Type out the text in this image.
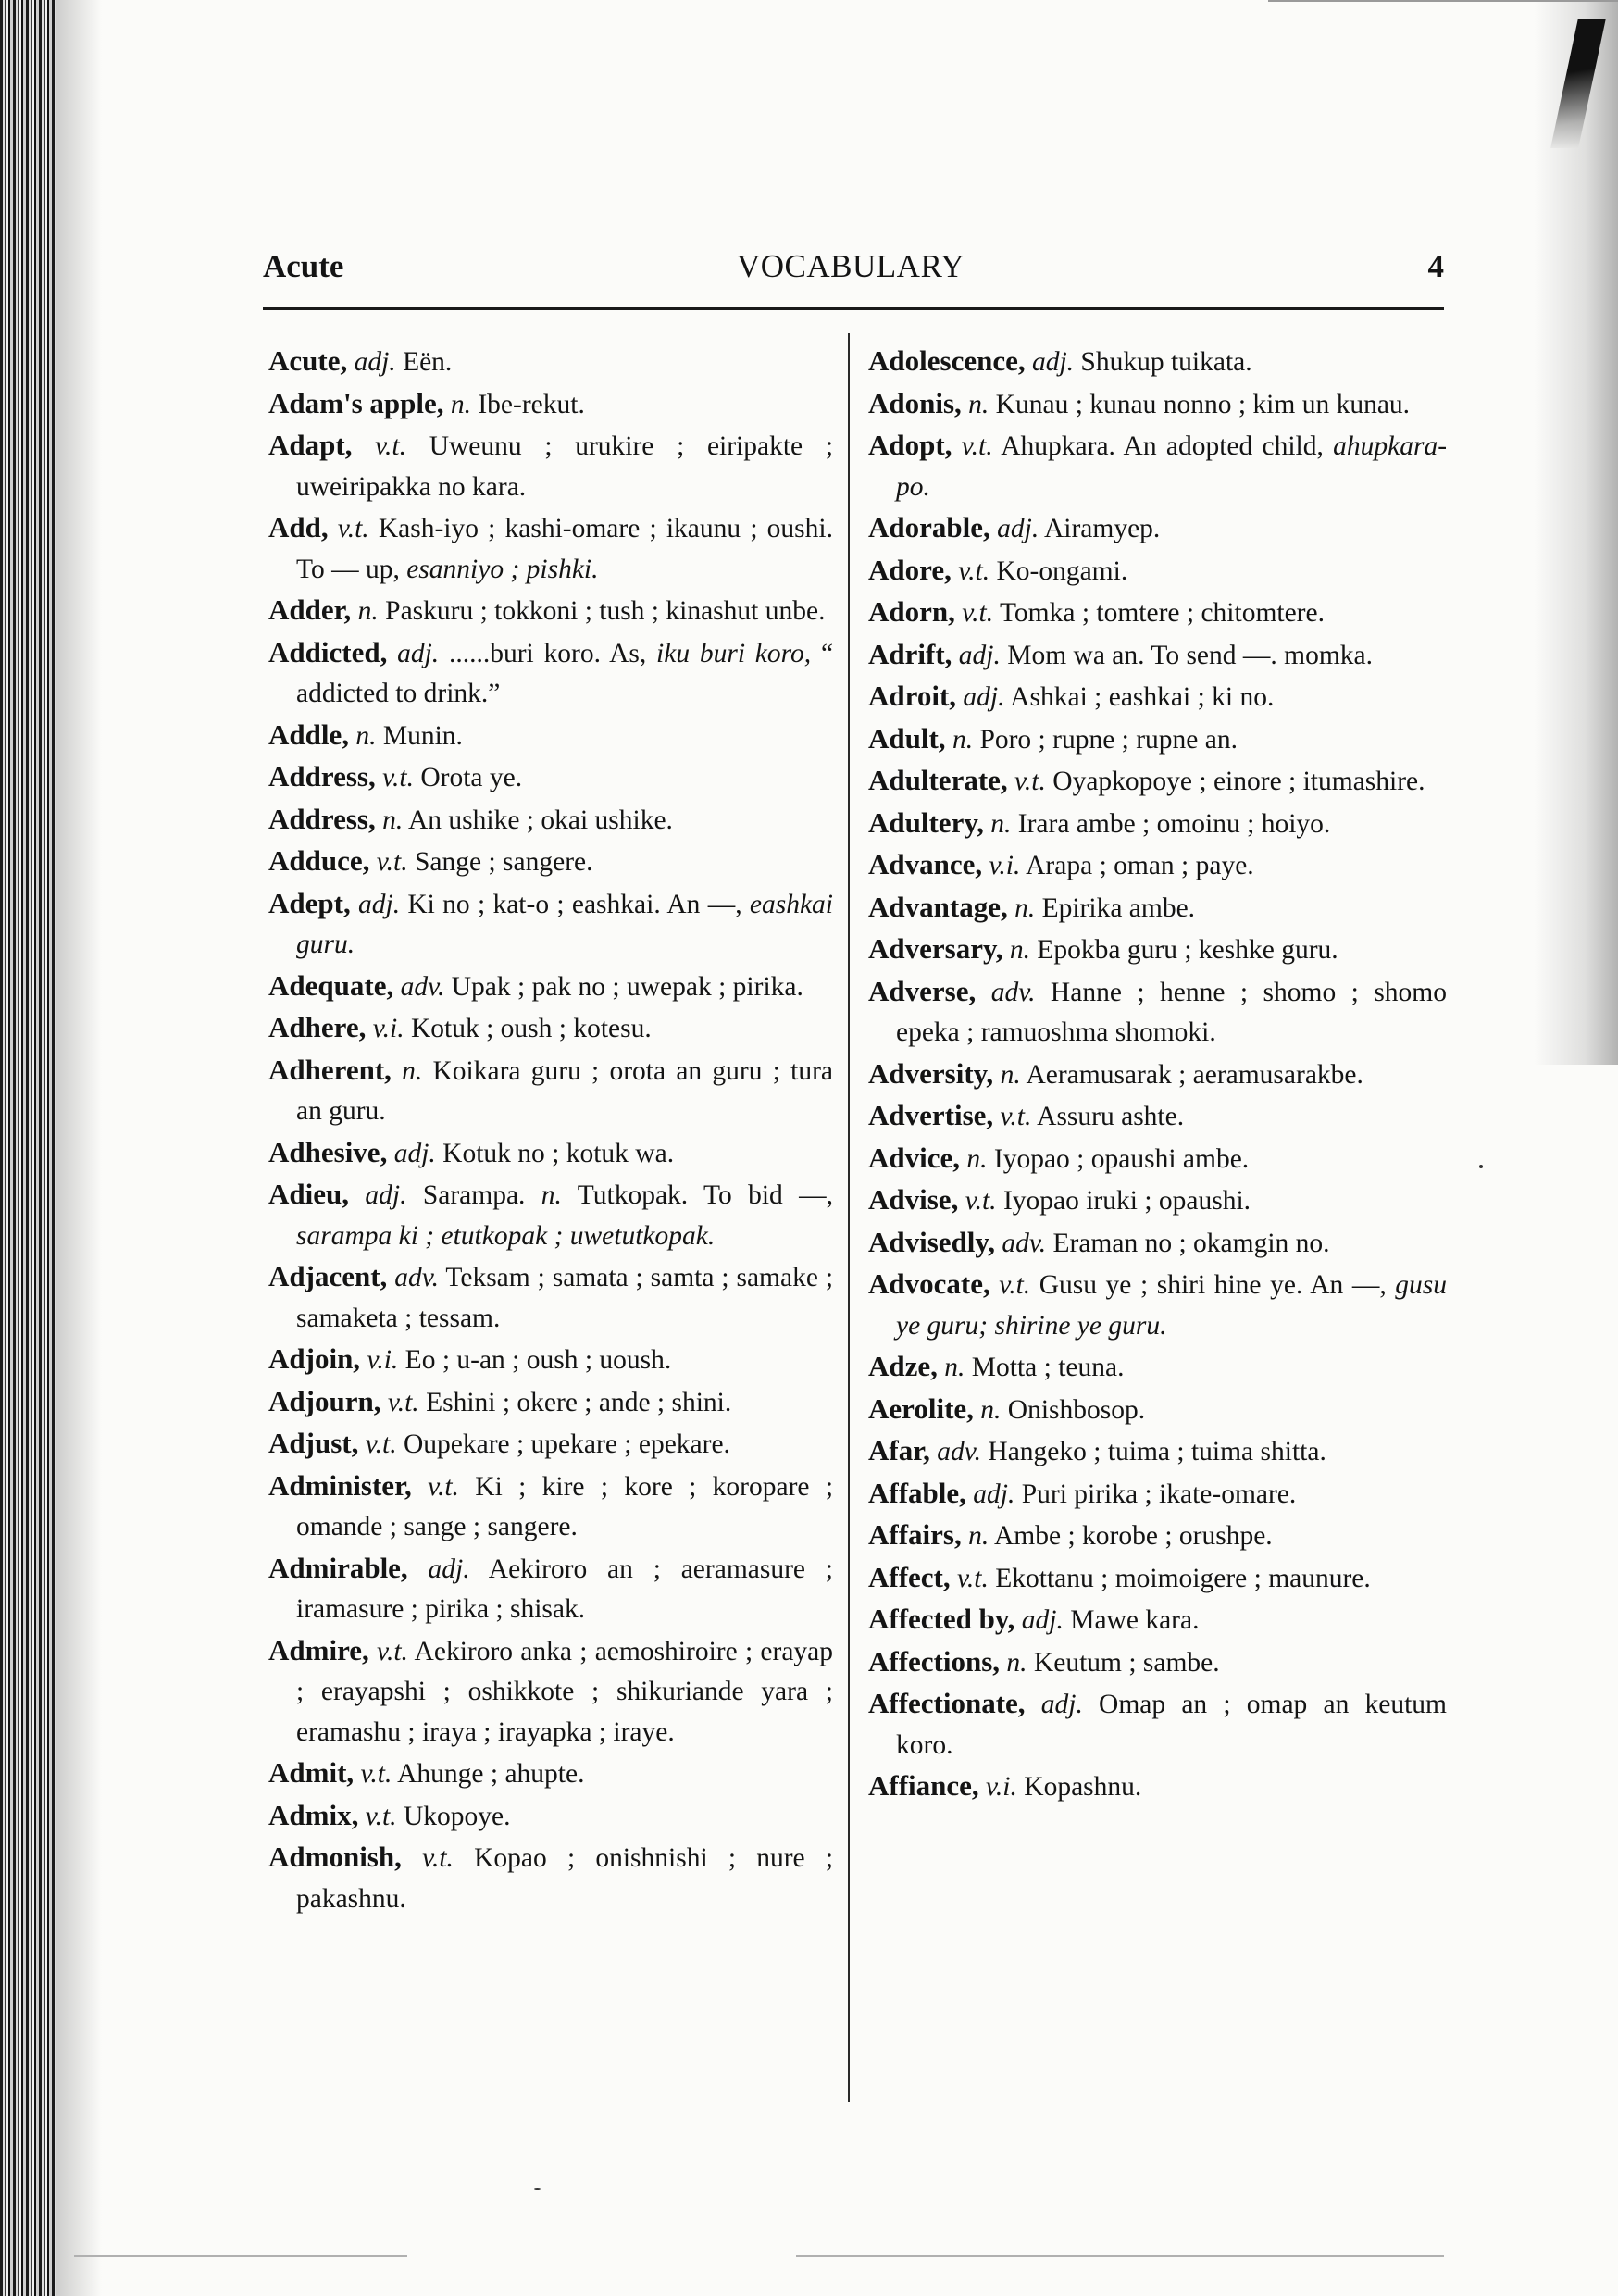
Acute	VOCABULARY	4

Acute, adj. Eën.

Adam's apple, n. Ibe-rekut.

Adapt, v.t. Uweunu ; urukire ; eiripakte ; uweiripakka no kara.

Add, v.t. Kash-iyo ; kashi-omare ; ikaunu ; oushi. To — up, esanniyo ; pishki.

Adder, n. Paskuru ; tokkoni ; tush ; kinashut unbe.

Addicted, adj. ......buri koro. As, iku buri koro, “ addicted to drink.”

Addle, n. Munin.

Address, v.t. Orota ye.

Address, n. An ushike ; okai ushike.

Adduce, v.t. Sange ; sangere.

Adept, adj. Ki no ; kat-o ; eashkai. An —, eashkai guru.

Adequate, adv. Upak ; pak no ; uwepak ; pirika.

Adhere, v.i. Kotuk ; oush ; kotesu.

Adherent, n. Koikara guru ; orota an guru ; tura an guru.

Adhesive, adj. Kotuk no ; kotuk wa.

Adieu, adj. Sarampa. n. Tutkopak. To bid —, sarampa ki ; etutkopak ; uwetutkopak.

Adjacent, adv. Teksam ; samata ; samta ; samake ; samaketa ; tessam.

Adjoin, v.i. Eo ; u-an ; oush ; uoush.

Adjourn, v.t. Eshini ; okere ; ande ; shini.

Adjust, v.t. Oupekare ; upekare ; epekare.

Administer, v.t. Ki ; kire ; kore ; koropare ; omande ; sange ; sangere.

Admirable, adj. Aekiroro an ; aeramasure ; iramasure ; pirika ; shisak.

Admire, v.t. Aekiroro anka ; aemoshiroire ; erayap ; erayapshi ; oshikkote ; shikuriande yara ; eramashu ; iraya ; irayapka ; iraye.

Admit, v.t. Ahunge ; ahupte.

Admix, v.t. Ukopoye.

Admonish, v.t. Kopao ; onishnishi ; nure ; pakashnu.

Adolescence, adj. Shukup tuikata.

Adonis, n. Kunau ; kunau nonno ; kim un kunau.

Adopt, v.t. Ahupkara. An adopted child, ahupkara-po.

Adorable, adj. Airamyep.

Adore, v.t. Ko-ongami.

Adorn, v.t. Tomka ; tomtere ; chitomtere.

Adrift, adj. Mom wa an. To send —. momka.

Adroit, adj. Ashkai ; eashkai ; ki no.

Adult, n. Poro ; rupne ; rupne an.

Adulterate, v.t. Oyapkopoye ; einore ; itumashire.

Adultery, n. Irara ambe ; omoinu ; hoiyo.

Advance, v.i. Arapa ; oman ; paye.

Advantage, n. Epirika ambe.

Adversary, n. Epokba guru ; keshke guru.

Adverse, adv. Hanne ; henne ; shomo ; shomo epeka ; ramuoshma shomoki.

Adversity, n. Aeramusarak ; aeramusarakbe.

Advertise, v.t. Assuru ashte.

Advice, n. Iyopao ; opaushi ambe.

Advise, v.t. Iyopao iruki ; opaushi.

Advisedly, adv. Eraman no ; okamgin no.

Advocate, v.t. Gusu ye ; shiri hine ye. An —, gusu ye guru; shirine ye guru.

Adze, n. Motta ; teuna.

Aerolite, n. Onishbosop.

Afar, adv. Hangeko ; tuima ; tuima shitta.

Affable, adj. Puri pirika ; ikate-omare.

Affairs, n. Ambe ; korobe ; orushpe.

Affect, v.t. Ekottanu ; moimoigere ; maunure.

Affected by, adj. Mawe kara.

Affections, n. Keutum ; sambe.

Affectionate, adj. Omap an ; omap an keutum koro.

Affiance, v.i. Kopashnu.
